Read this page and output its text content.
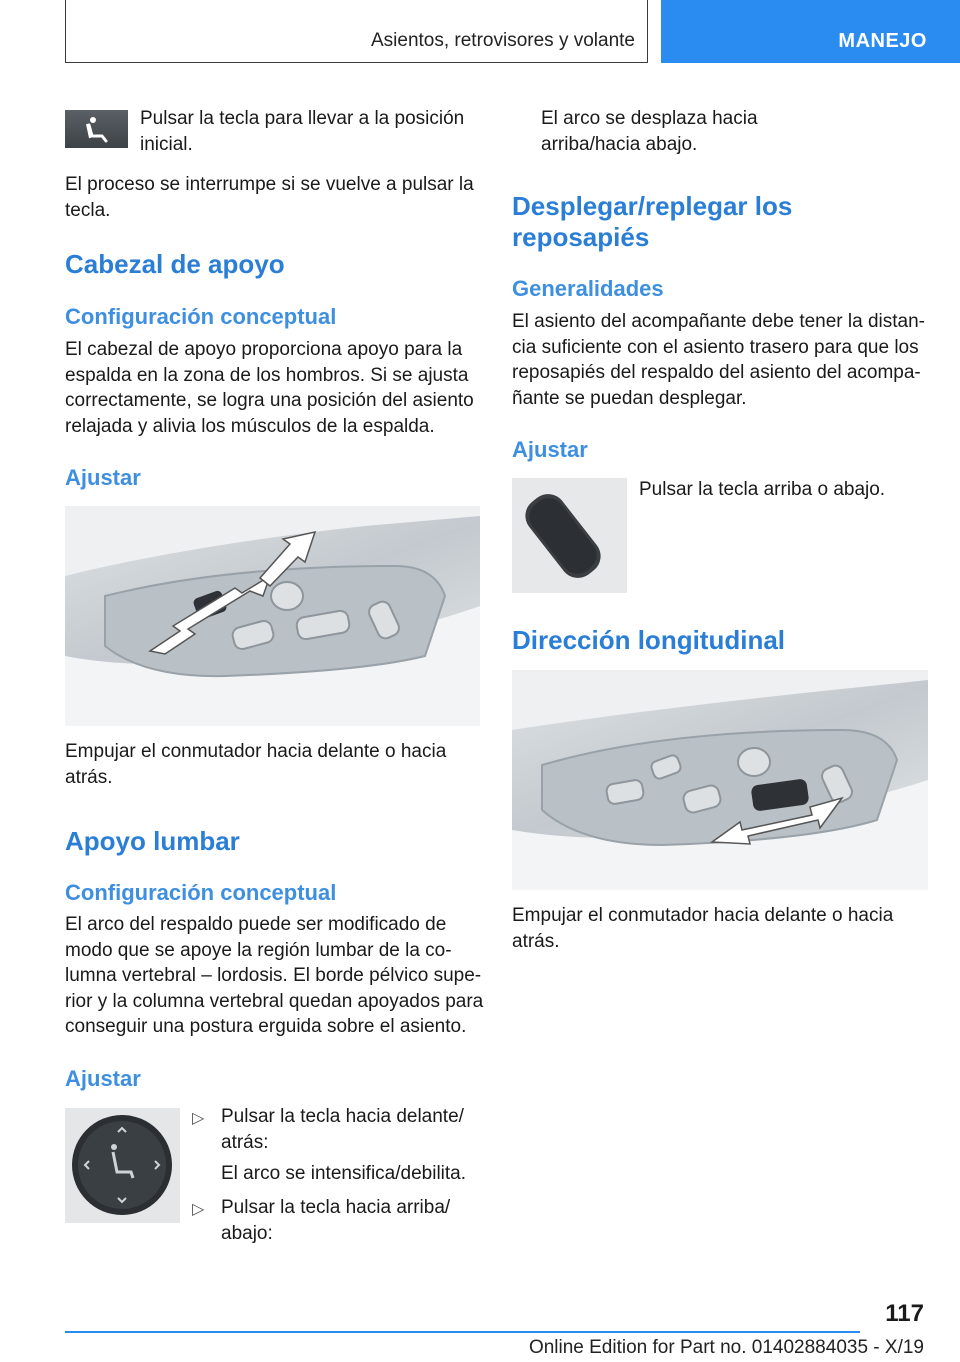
Asientos, retrovisores y volante	MANEJO
Pulsar la tecla para llevar a la posición
inicial.
El proceso se interrumpe si se vuelve a pulsar la
tecla.
Cabezal de apoyo
Configuración conceptual
El cabezal de apoyo proporciona apoyo para la
espalda en la zona de los hombros. Si se ajusta
correctamente, se logra una posición del asiento
relajada y alivia los músculos de la espalda.
Ajustar
Empujar el conmutador hacia delante o hacia
atrás.
Apoyo lumbar
Configuración conceptual
El arco del respaldo puede ser modificado de
modo que se apoye la región lumbar de la co-
lumna vertebral – lordosis. El borde pélvico supe-
rior y la columna vertebral quedan apoyados para
conseguir una postura erguida sobre el asiento.
Ajustar
▷ Pulsar la tecla hacia delante/
atrás:
El arco se intensifica/debilita.
▷ Pulsar la tecla hacia arriba/
abajo:
El arco se desplaza hacia
arriba/hacia abajo.
Desplegar/replegar los
reposapiés
Generalidades
El asiento del acompañante debe tener la distan-
cia suficiente con el asiento trasero para que los
reposapiés del respaldo del asiento del acompa-
ñante se puedan desplegar.
Ajustar
Pulsar la tecla arriba o abajo.
Dirección longitudinal
Empujar el conmutador hacia delante o hacia
atrás.
117
Online Edition for Part no. 01402884035 - X/19
